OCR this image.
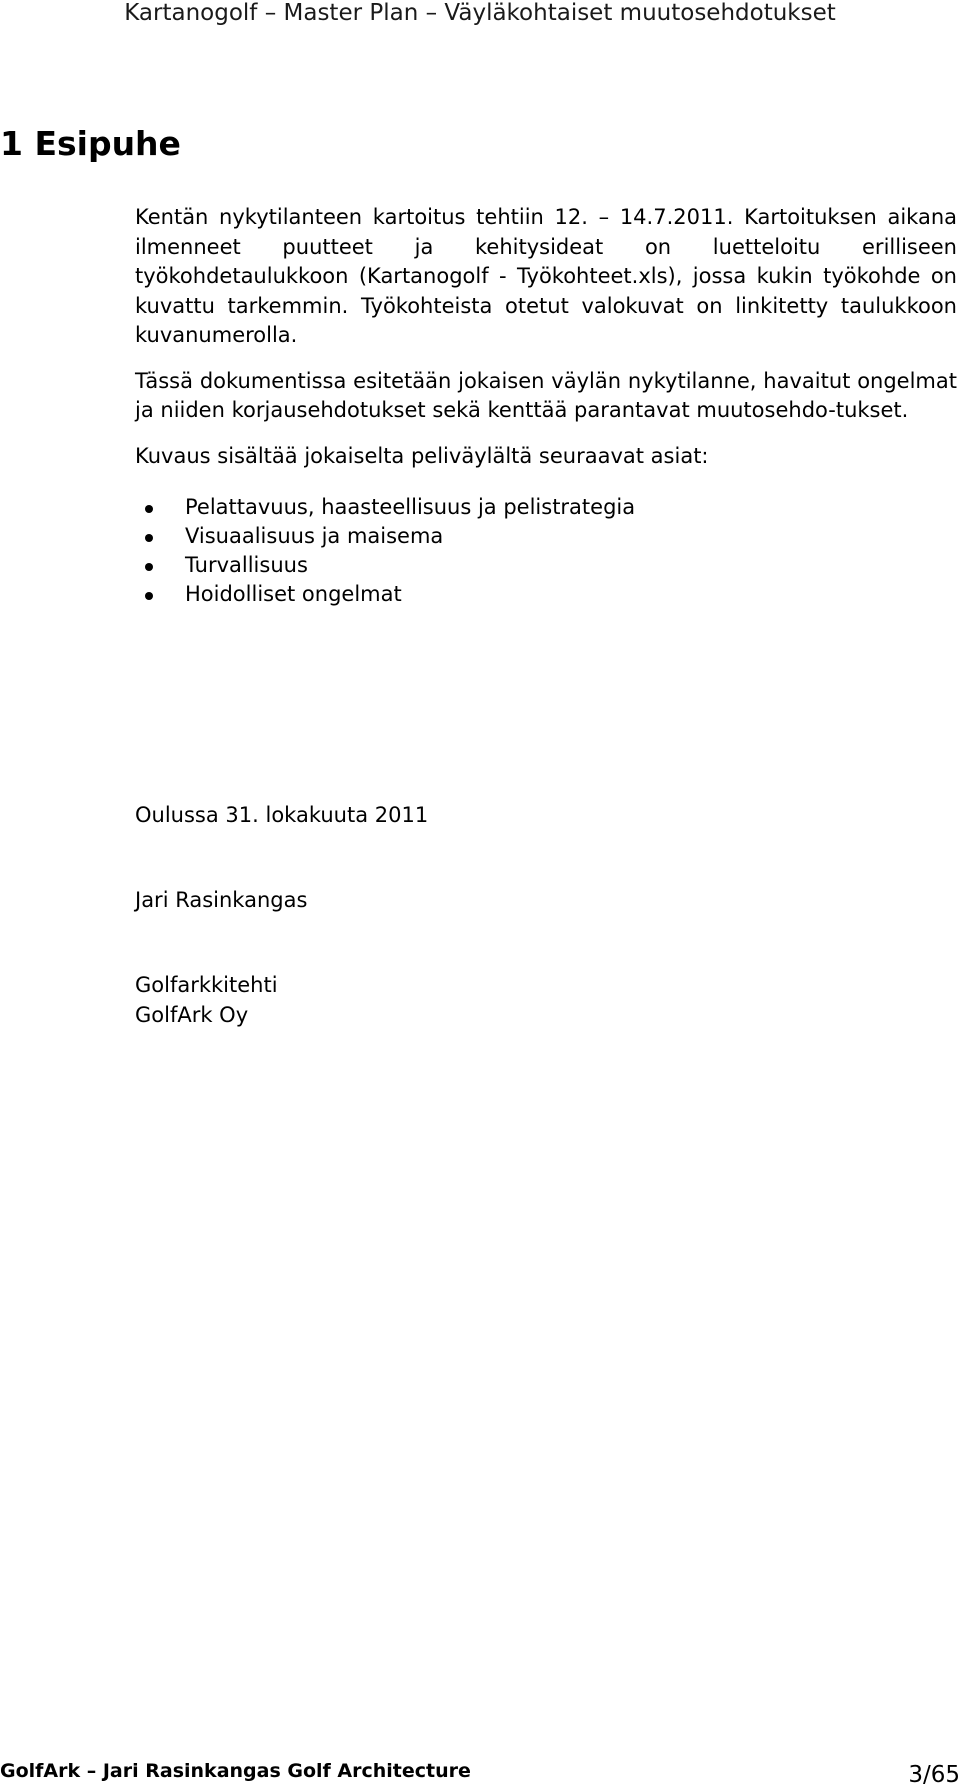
Kartanogolf – Master Plan – Väyläkohtaiset muutosehdotukset
1 Esipuhe

Kentän nykytilanteen kartoitus tehtiin 12. – 14.7.2011. Kartoituksen aikana ilmenneet puutteet ja kehitysideat on luetteloitu erilliseen työkohdetaulukkoon (Kartanogolf - Työkohteet.xls), jossa kukin työkohde on kuvattu tarkemmin. Työkohteista otetut valokuvat on linkitetty taulukkoon kuvanumerolla.

Tässä dokumentissa esitetään jokaisen väylän nykytilanne, havaitut ongelmat ja niiden korjausehdotukset sekä kenttää parantavat muutosehdo-tukset.

Kuvaus sisältää jokaiselta peliväylältä seuraavat asiat:

Pelattavuus, haasteellisuus ja pelistrategia
Visuaalisuus ja maisema
Turvallisuus
Hoidolliset ongelmat
Oulussa 31. lokakuuta 2011
Jari Rasinkangas
Golfarkkitehti
GolfArk Oy
GolfArk – Jari Rasinkangas Golf Architecture	3/65
